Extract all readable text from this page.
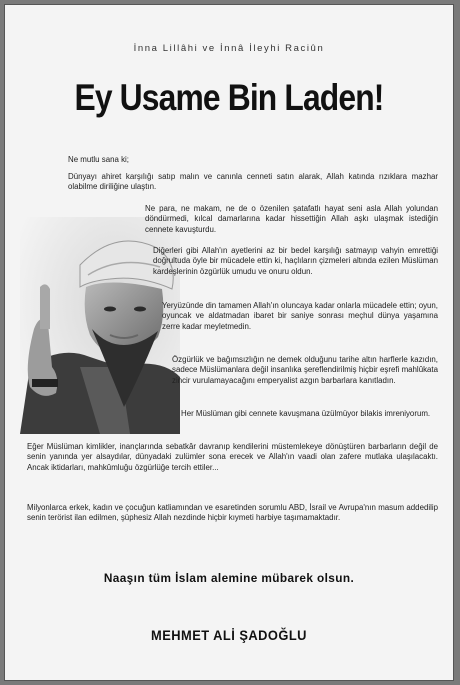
İnna Lillâhi ve İnnâ İleyhi Raciûn
Ey Usame Bin Laden!

Ne mutlu sana ki;

Dünyayı ahiret karşılığı satıp malın ve canınla cenneti satın alarak, Allah katında rızıklara mazhar olabilme diriliğine ulaştın.

Ne para, ne makam, ne de o özenilen şatafatlı hayat seni asla Allah yolundan döndürmedi, kılcal damarlarına kadar hissettiğin Allah aşkı ulaşmak istediğin cennete kavuşturdu.

Diğerleri gibi Allah'ın ayetlerini az bir bedel karşılığı satmayıp vahyin emrettiği doğrultuda öyle bir mücadele ettin ki, haçlıların çizmeleri altında ezilen Müslüman kardeşlerinin özgürlük umudu ve onuru oldun.

Yeryüzünde din tamamen Allah'ın oluncaya kadar onlarla mücadele ettin; oyun, oyuncak ve aldatmadan ibaret bir saniye sonrası meçhul dünya yaşamına zerre kadar meyletmedin.

Özgürlük ve bağımsızlığın ne demek olduğunu tarihe altın harflerle kazıdın, sadece Müslümanlara değil insanlıka şereflendirilmiş hiçbir eşrefi mahlûkata zincir vurulamayacağını emperyalist azgın barbarlara kanıtladın.

Her Müslüman gibi cennete kavuşmana üzülmüyor bilakis imreniyorum.

Eğer Müslüman kimlikler, inançlarında sebatkâr davranıp kendilerini müstemlekeye dönüştüren barbarların değil de senin yanında yer alsaydılar, dünyadaki zulümler sona erecek ve Allah'ın vaadi olan zafere mutlaka ulaşılacaktı. Ancak iktidarları, mahkûmluğu özgürlüğe tercih ettiler...

Milyonlarca erkek, kadın ve çocuğun katliamından ve esaretinden sorumlu ABD, İsrail ve Avrupa'nın masum addedilip senin terörist ilan edilmen, şüphesiz Allah nezdinde hiçbir kıymeti harbiye taşımamaktadır.

Naaşın tüm İslam alemine mübarek olsun.
MEHMET ALİ ŞADOĞLU
